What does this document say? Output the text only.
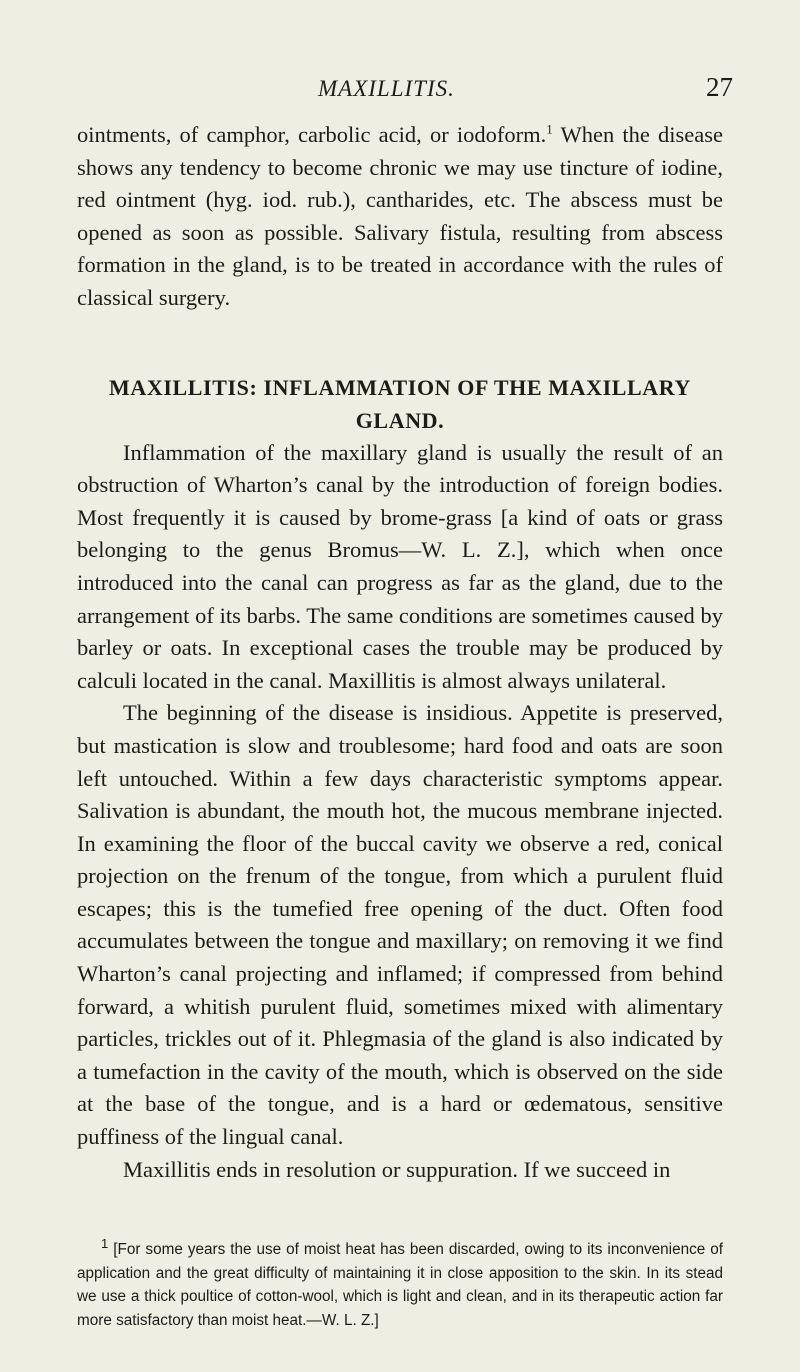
MAXILLITIS.	27

ointments, of camphor, carbolic acid, or iodoform.$^1$ When the disease shows any tendency to become chronic we may use tincture of iodine, red ointment (hyg. iod. rub.), cantharides, etc. The abscess must be opened as soon as possible. Salivary fistula, resulting from abscess formation in the gland, is to be treated in accordance with the rules of classical surgery.

MAXILLITIS: INFLAMMATION OF THE MAXILLARY GLAND.

Inflammation of the maxillary gland is usually the result of an obstruction of Wharton’s canal by the introduction of foreign bodies. Most frequently it is caused by brome-grass [a kind of oats or grass belonging to the genus Bromus—W. L. Z.], which when once introduced into the canal can progress as far as the gland, due to the arrangement of its barbs. The same conditions are sometimes caused by barley or oats. In exceptional cases the trouble may be produced by calculi located in the canal. Maxillitis is almost always unilateral.

The beginning of the disease is insidious. Appetite is preserved, but mastication is slow and troublesome; hard food and oats are soon left untouched. Within a few days characteristic symptoms appear. Salivation is abundant, the mouth hot, the mucous membrane injected. In examining the floor of the buccal cavity we observe a red, conical projection on the frenum of the tongue, from which a purulent fluid escapes; this is the tumefied free opening of the duct. Often food accumulates between the tongue and maxillary; on removing it we find Wharton’s canal projecting and inflamed; if compressed from behind forward, a whitish purulent fluid, sometimes mixed with alimentary particles, trickles out of it. Phlegmasia of the gland is also indicated by a tumefaction in the cavity of the mouth, which is observed on the side at the base of the tongue, and is a hard or œdematous, sensitive puffiness of the lingual canal.

Maxillitis ends in resolution or suppuration. If we succeed in

$^1$ [For some years the use of moist heat has been discarded, owing to its inconvenience of application and the great difficulty of maintaining it in close apposition to the skin. In its stead we use a thick poultice of cotton-wool, which is light and clean, and in its therapeutic action far more satisfactory than moist heat.—W. L. Z.]
